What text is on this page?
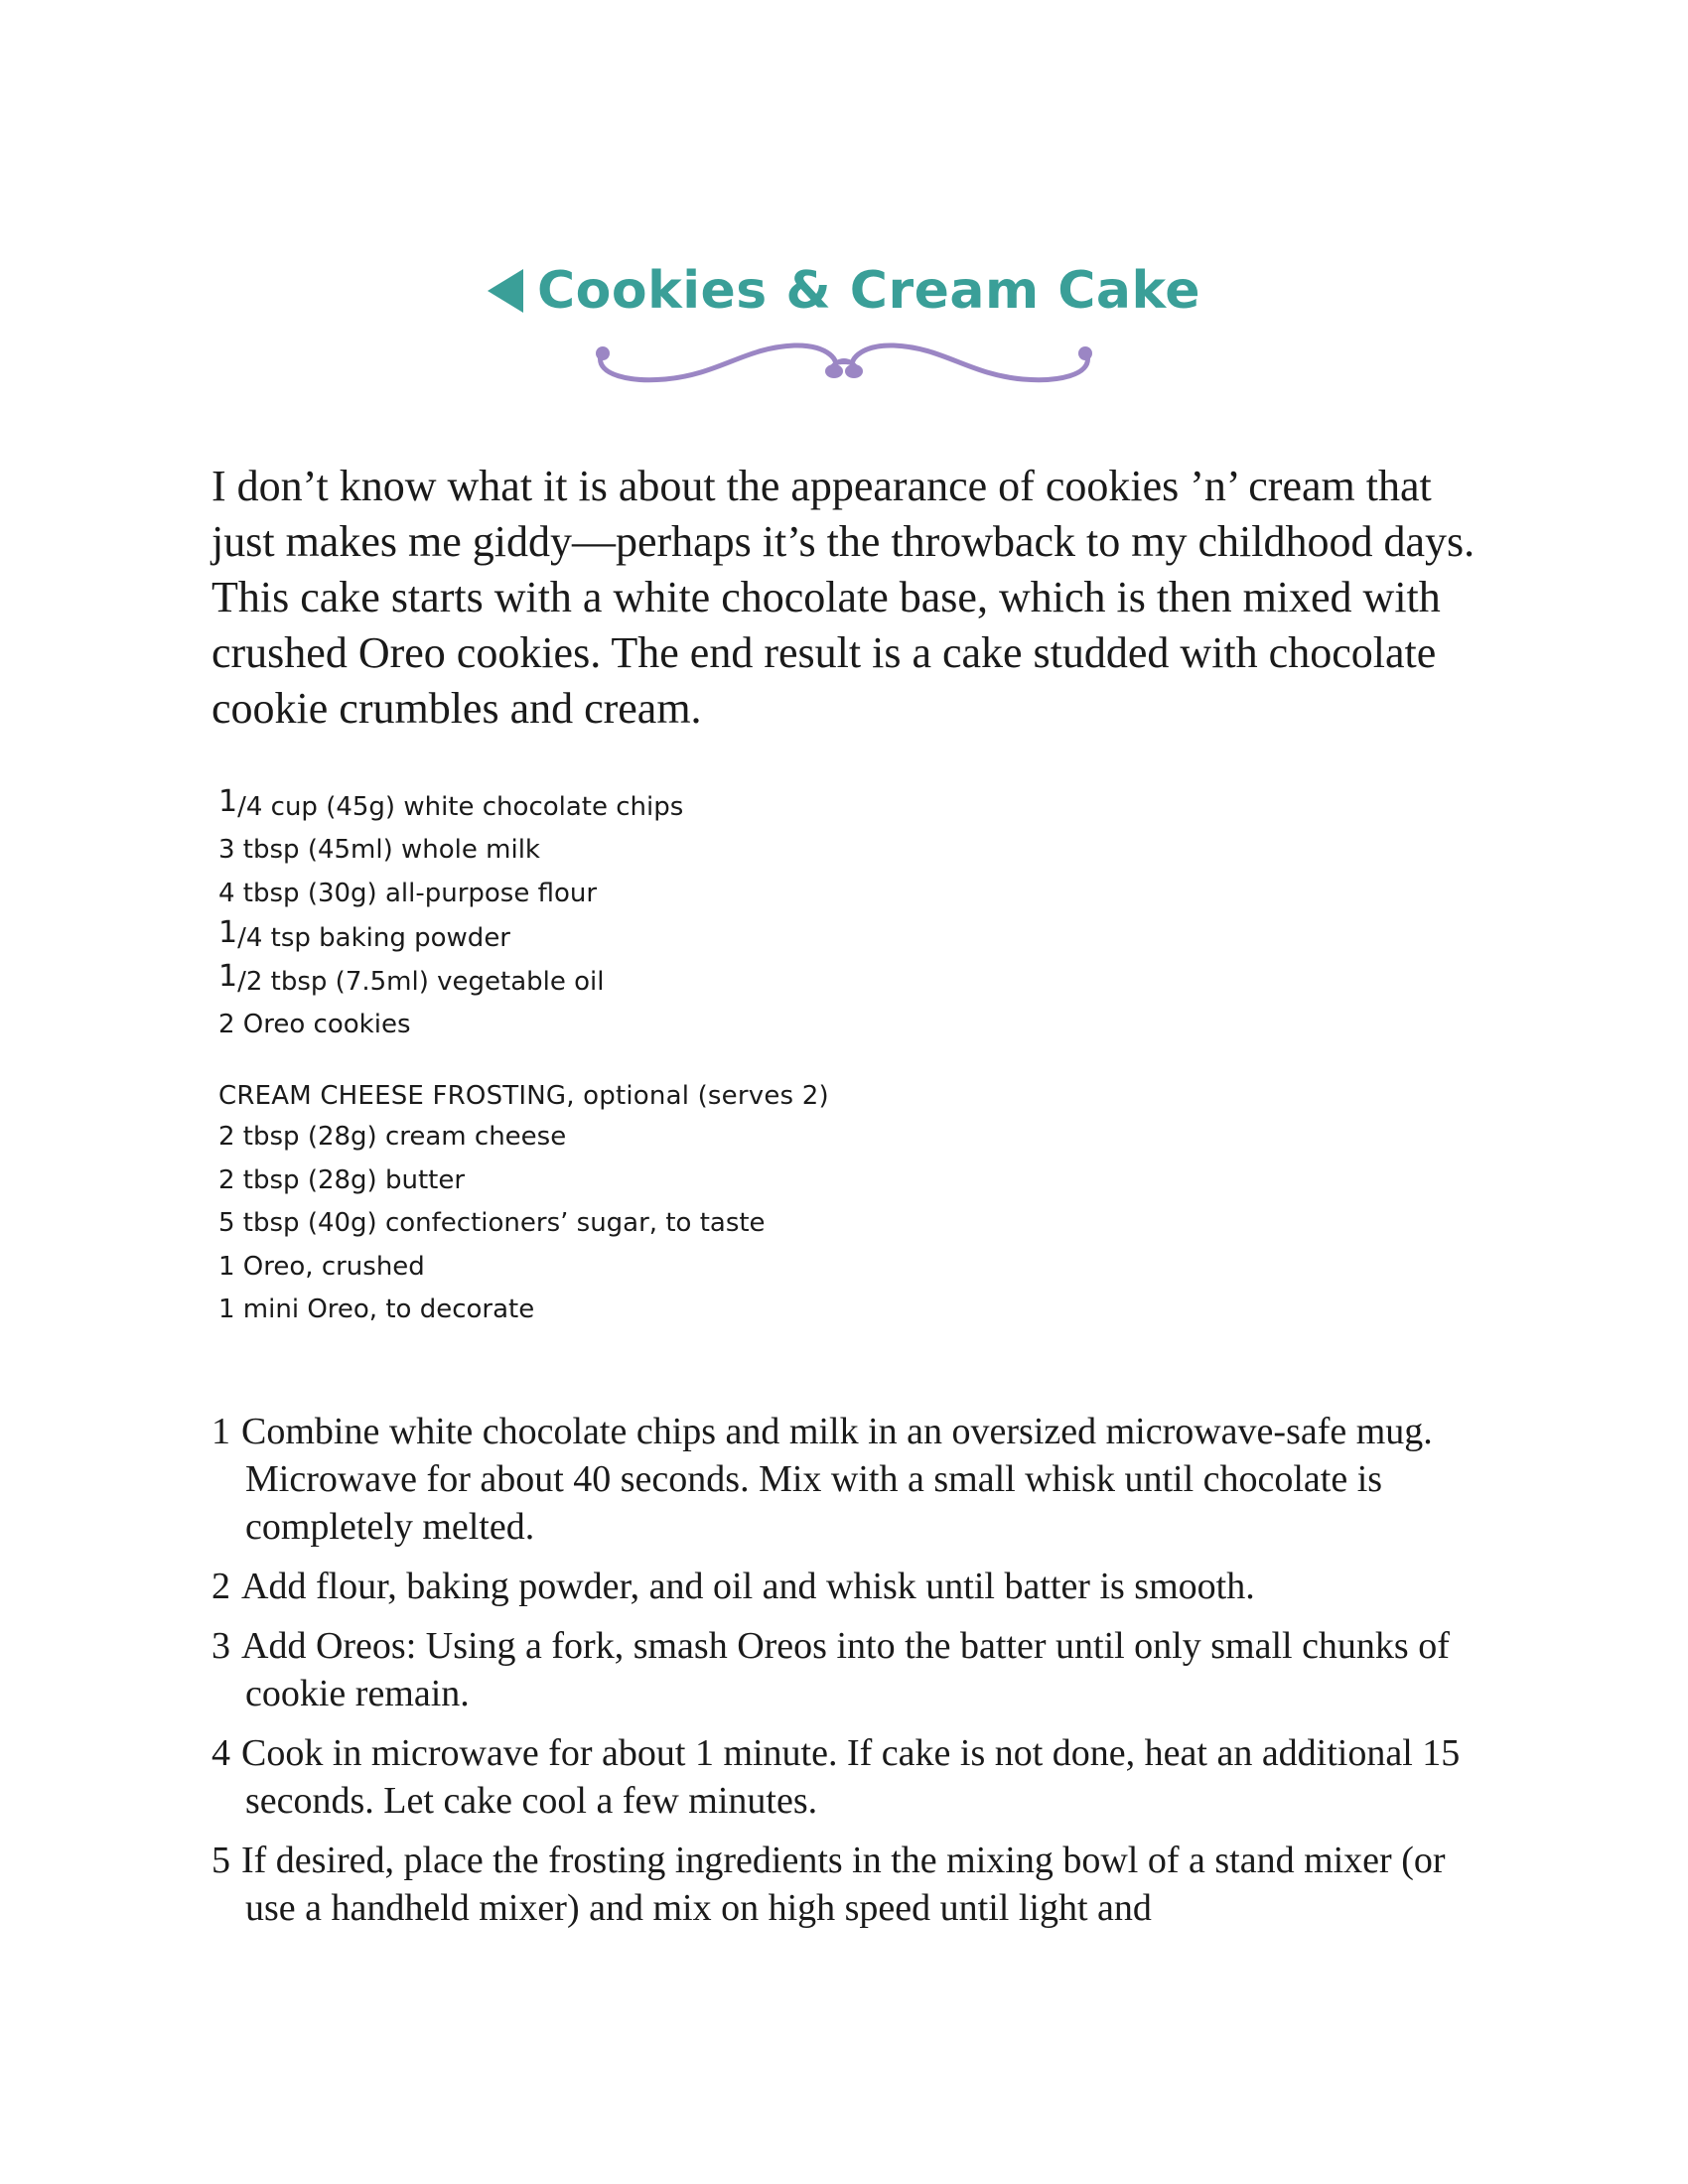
Cookies & Cream Cake

I don’t know what it is about the appearance of cookies ’n’ cream that just makes me giddy—perhaps it’s the throwback to my childhood days. This cake starts with a white chocolate base, which is then mixed with crushed Oreo cookies. The end result is a cake studded with chocolate cookie crumbles and cream.

1/4 cup (45g) white chocolate chips
3 tbsp (45ml) whole milk
4 tbsp (30g) all-purpose flour
1/4 tsp baking powder
1/2 tbsp (7.5ml) vegetable oil
2 Oreo cookies
CREAM CHEESE FROSTING, optional (serves 2)
2 tbsp (28g) cream cheese
2 tbsp (28g) butter
5 tbsp (40g) confectioners’ sugar, to taste
1 Oreo, crushed
1 mini Oreo, to decorate
1 Combine white chocolate chips and milk in an oversized microwave-safe mug. Microwave for about 40 seconds. Mix with a small whisk until chocolate is completely melted.
2 Add flour, baking powder, and oil and whisk until batter is smooth.
3 Add Oreos: Using a fork, smash Oreos into the batter until only small chunks of cookie remain.
4 Cook in microwave for about 1 minute. If cake is not done, heat an additional 15 seconds. Let cake cool a few minutes.
5 If desired, place the frosting ingredients in the mixing bowl of a stand mixer (or use a handheld mixer) and mix on high speed until light and
